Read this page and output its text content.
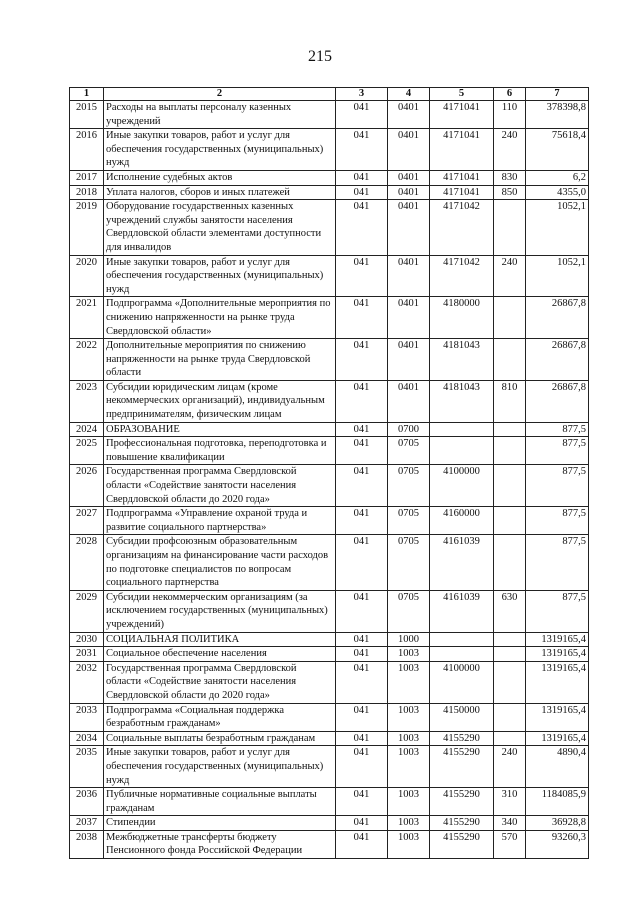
215
1	2	3	4	5	6	7
2015	Расходы на выплаты персоналу казенных учреждений	041	0401	4171041	110	378398,8
2016	Иные закупки товаров, работ и услуг для обеспечения государственных (муниципальных) нужд	041	0401	4171041	240	75618,4
2017	Исполнение судебных актов	041	0401	4171041	830	6,2
2018	Уплата налогов, сборов и иных платежей	041	0401	4171041	850	4355,0
2019	Оборудование государственных казенных учреждений службы занятости населения Свердловской области элементами доступности для инвалидов	041	0401	4171042		1052,1
2020	Иные закупки товаров, работ и услуг для обеспечения государственных (муниципальных) нужд	041	0401	4171042	240	1052,1
2021	Подпрограмма «Дополнительные мероприятия по снижению напряженности на рынке труда Свердловской области»	041	0401	4180000		26867,8
2022	Дополнительные мероприятия по снижению напряженности на рынке труда Свердловской области	041	0401	4181043		26867,8
2023	Субсидии юридическим лицам (кроме некоммерческих организаций), индивидуальным предпринимателям, физическим лицам	041	0401	4181043	810	26867,8
2024	ОБРАЗОВАНИЕ	041	0700			877,5
2025	Профессиональная подготовка, переподготовка и повышение квалификации	041	0705			877,5
2026	Государственная программа Свердловской области «Содействие занятости населения Свердловской области до 2020 года»	041	0705	4100000		877,5
2027	Подпрограмма «Управление охраной труда и развитие социального партнерства»	041	0705	4160000		877,5
2028	Субсидии профсоюзным образовательным организациям на финансирование части расходов по подготовке специалистов по вопросам социального партнерства	041	0705	4161039		877,5
2029	Субсидии некоммерческим организациям (за исключением государственных (муниципальных) учреждений)	041	0705	4161039	630	877,5
2030	СОЦИАЛЬНАЯ ПОЛИТИКА	041	1000			1319165,4
2031	Социальное обеспечение населения	041	1003			1319165,4
2032	Государственная программа Свердловской области «Содействие занятости населения Свердловской области до 2020 года»	041	1003	4100000		1319165,4
2033	Подпрограмма «Социальная поддержка безработным гражданам»	041	1003	4150000		1319165,4
2034	Социальные выплаты безработным гражданам	041	1003	4155290		1319165,4
2035	Иные закупки товаров, работ и услуг для обеспечения государственных (муниципальных) нужд	041	1003	4155290	240	4890,4
2036	Публичные нормативные социальные выплаты гражданам	041	1003	4155290	310	1184085,9
2037	Стипендии	041	1003	4155290	340	36928,8
2038	Межбюджетные трансферты бюджету Пенсионного фонда Российской Федерации	041	1003	4155290	570	93260,3
